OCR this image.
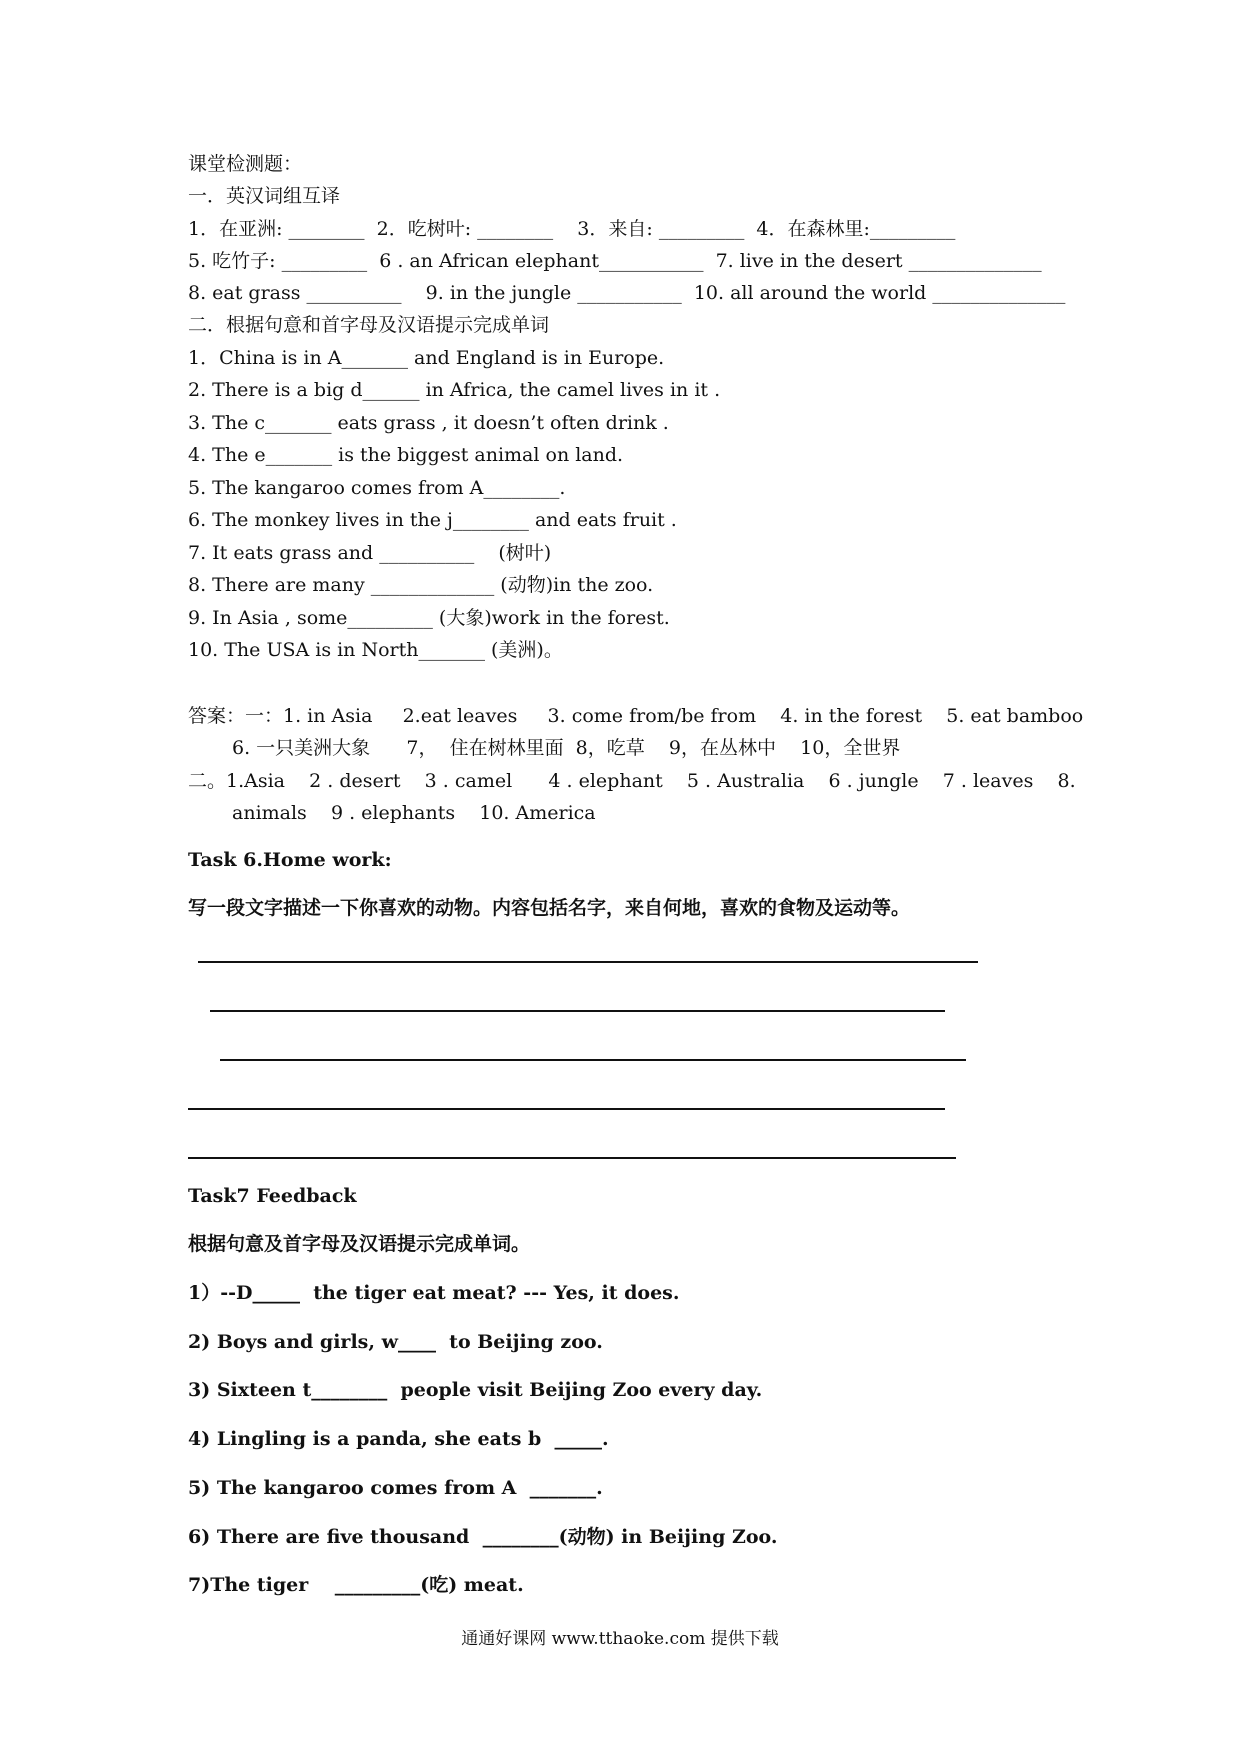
课堂检测题：
一．英汉词组互译
1．在亚洲: ________  2．吃树叶: ________    3．来自: _________  4．在森林里:_________
5. 吃竹子: _________  6 . an African elephant___________  7. live in the desert ______________
8. eat grass __________    9. in the jungle ___________  10. all around the world ______________
二．根据句意和首字母及汉语提示完成单词
1．China is in A_______ and England is in Europe.
2. There is a big d______ in Africa, the camel lives in it .
3. The c_______ eats grass , it doesn’t often drink .
4. The e_______ is the biggest animal on land.
5. The kangaroo comes from A________.
6. The monkey lives in the j________ and eats fruit .
7. It eats grass and __________    (树叶)
8. There are many _____________ (动物)in the zoo.
9. In Asia , some_________ (大象)work in the forest.
10. The USA is in North_______ (美洲)。
答案：一：1. in Asia     2.eat leaves     3. come from/be from    4. in the forest    5. eat bamboo
6. 一只美洲大象      7，  住在树林里面  8，吃草    9，在丛林中    10，全世界
二。1.Asia    2 . desert    3 . camel      4 . elephant    5 . Australia    6 . jungle    7 . leaves    8.
animals    9 . elephants    10. America
Task 6.Home work:
写一段文字描述一下你喜欢的动物。内容包括名字，来自何地，喜欢的食物及运动等。
Task7 Feedback
根据句意及首字母及汉语提示完成单词。
1）--D_____  the tiger eat meat? --- Yes, it does.
2) Boys and girls, w____  to Beijing zoo.
3) Sixteen t________  people visit Beijing Zoo every day.
4) Lingling is a panda, she eats b  _____.
5) The kangaroo comes from A  _______.
6) There are five thousand  ________(动物) in Beijing Zoo.
7)The tiger    _________(吃) meat.
通通好课网 www.tthaoke.com 提供下载
